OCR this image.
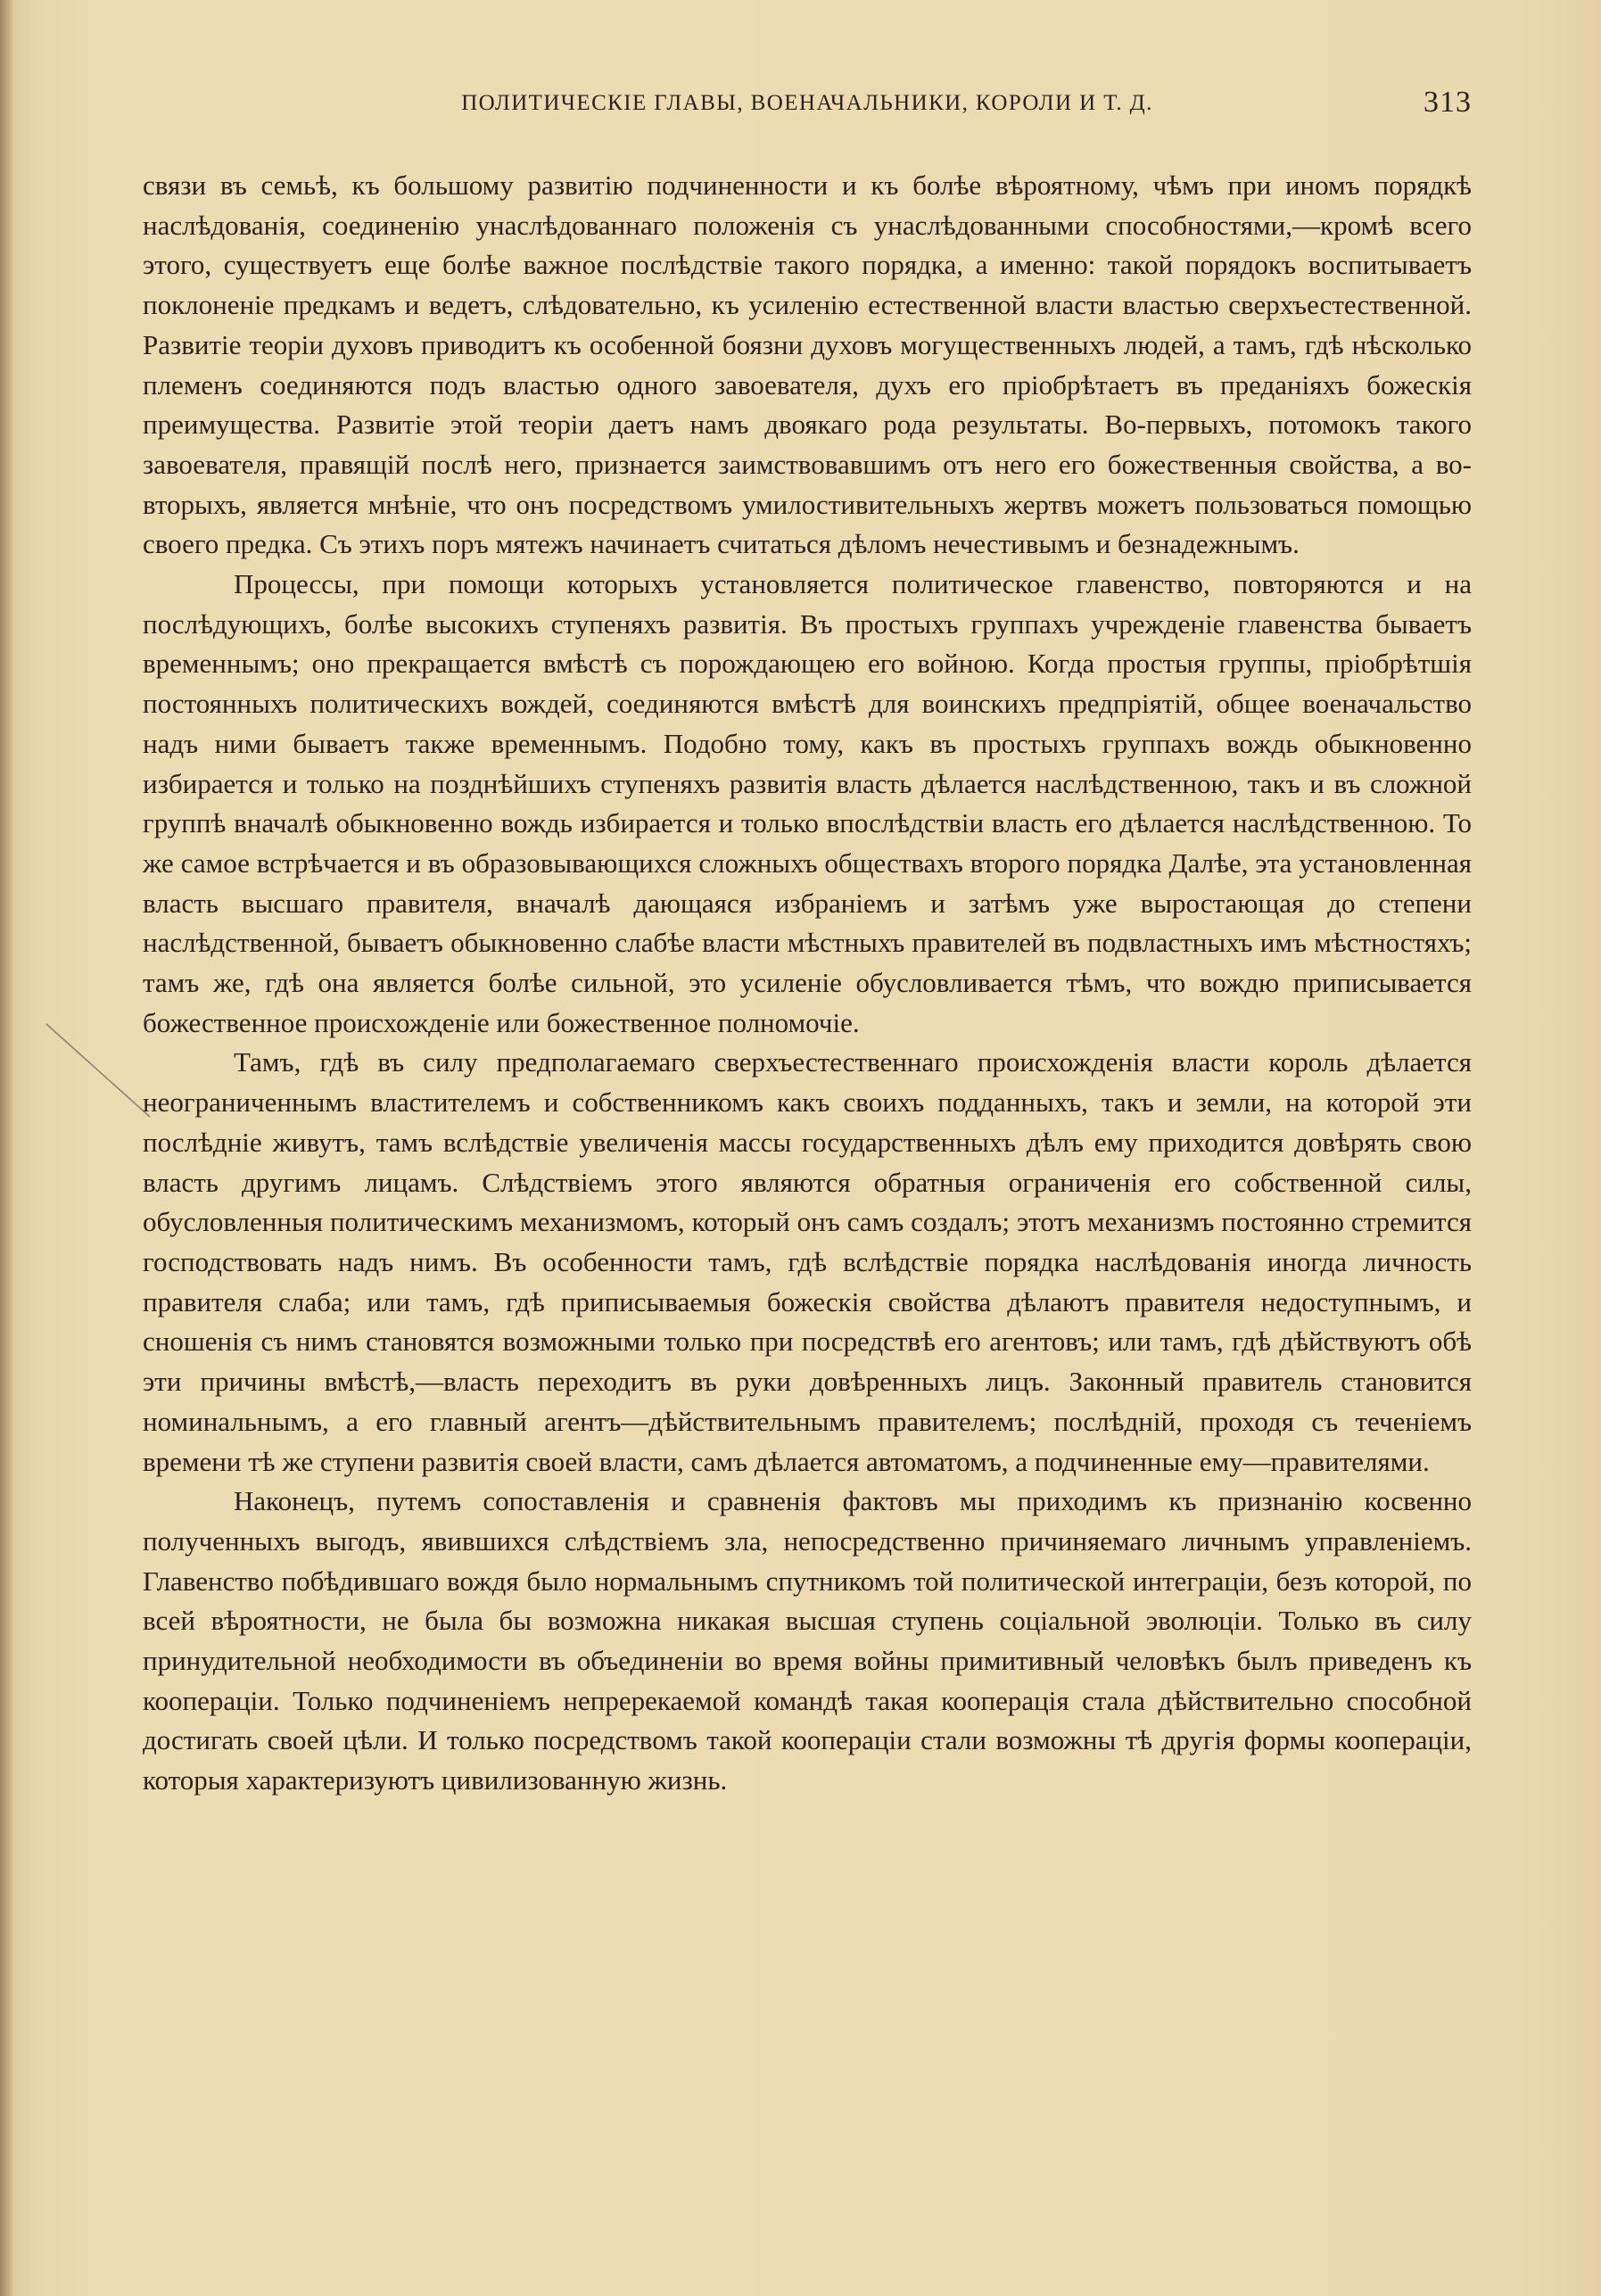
ПОЛИТИЧЕСКІЕ ГЛАВЫ, ВОЕНАЧАЛЬНИКИ, КОРОЛИ И Т. Д.	313

связи въ семьѣ, къ большому развитію подчиненности и къ болѣе вѣроятному, чѣмъ при иномъ порядкѣ наслѣдованія, соединенію унаслѣдованнаго положенія съ унаслѣдованными способностями,—кромѣ всего этого, существуетъ еще болѣе важное послѣдствіе такого порядка, а именно: такой порядокъ воспитываетъ поклоненіе предкамъ и ведетъ, слѣдовательно, къ усиленію естественной власти властью сверхъестественной. Развитіе теоріи духовъ приводитъ къ особенной боязни духовъ могущественныхъ людей, а тамъ, гдѣ нѣсколько племенъ соединяются подъ властью одного завоевателя, духъ его пріобрѣтаетъ въ преданіяхъ божескія преимущества. Развитіе этой теоріи даетъ намъ двоякаго рода результаты. Во-первыхъ, потомокъ такого завоевателя, правящій послѣ него, признается заимствовавшимъ отъ него его божественныя свойства, а во-вторыхъ, является мнѣніе, что онъ посредствомъ умилостивительныхъ жертвъ можетъ пользоваться помощью своего предка. Съ этихъ поръ мятежъ начинаетъ считаться дѣломъ нечестивымъ и безнадежнымъ.

Процессы, при помощи которыхъ установляется политическое главенство, повторяются и на послѣдующихъ, болѣе высокихъ ступеняхъ развитія. Въ простыхъ группахъ учрежденіе главенства бываетъ временнымъ; оно прекращается вмѣстѣ съ порождающею его войною. Когда простыя группы, пріобрѣтшія постоянныхъ политическихъ вождей, соединяются вмѣстѣ для воинскихъ предпріятій, общее военачальство надъ ними бываетъ также временнымъ. Подобно тому, какъ въ простыхъ группахъ вождь обыкновенно избирается и только на позднѣйшихъ ступеняхъ развитія власть дѣлается наслѣдственною, такъ и въ сложной группѣ вначалѣ обыкновенно вождь избирается и только впослѣдствіи власть его дѣлается наслѣдственною. То же самое встрѣчается и въ образовывающихся сложныхъ обществахъ второго порядка Далѣе, эта установленная власть высшаго правителя, вначалѣ дающаяся избраніемъ и затѣмъ уже выростающая до степени наслѣдственной, бываетъ обыкновенно слабѣе власти мѣстныхъ правителей въ подвластныхъ имъ мѣстностяхъ; тамъ же, гдѣ она является болѣе сильной, это усиленіе обусловливается тѣмъ, что вождю приписывается божественное происхожденіе или божественное полномочіе.

Тамъ, гдѣ въ силу предполагаемаго сверхъестественнаго происхожденія власти король дѣлается неограниченнымъ властителемъ и собственникомъ какъ своихъ подданныхъ, такъ и земли, на которой эти послѣдніе живутъ, тамъ вслѣдствіе увеличенія массы государственныхъ дѣлъ ему приходится довѣрять свою власть другимъ лицамъ. Слѣдствіемъ этого являются обратныя ограниченія его собственной силы, обусловленныя политическимъ механизмомъ, который онъ самъ создалъ; этотъ механизмъ постоянно стремится господствовать надъ нимъ. Въ особенности тамъ, гдѣ вслѣдствіе порядка наслѣдованія иногда личность правителя слаба; или тамъ, гдѣ приписываемыя божескія свойства дѣлаютъ правителя недоступнымъ, и сношенія съ нимъ становятся возможными только при посредствѣ его агентовъ; или тамъ, гдѣ дѣйствуютъ обѣ эти причины вмѣстѣ,—власть переходитъ въ руки довѣренныхъ лицъ. Законный правитель становится номинальнымъ, а его главный агентъ—дѣйствительнымъ правителемъ; послѣдній, проходя съ теченіемъ времени тѣ же ступени развитія своей власти, самъ дѣлается автоматомъ, а подчиненные ему—правителями.

Наконецъ, путемъ сопоставленія и сравненія фактовъ мы приходимъ къ признанію косвенно полученныхъ выгодъ, явившихся слѣдствіемъ зла, непосредственно причиняемаго личнымъ управленіемъ. Главенство побѣдившаго вождя было нормальнымъ спутникомъ той политической интеграціи, безъ которой, по всей вѣроятности, не была бы возможна никакая высшая ступень соціальной эволюціи. Только въ силу принудительной необходимости въ объединеніи во время войны примитивный человѣкъ былъ приведенъ къ кооперацiи. Только подчиненіемъ непререкаемой командѣ такая кооперація стала дѣйствительно способной достигать своей цѣли. И только посредствомъ такой кооперацiи стали возможны тѣ другія формы кооперацiи, которыя характеризуютъ цивилизованную жизнь.
